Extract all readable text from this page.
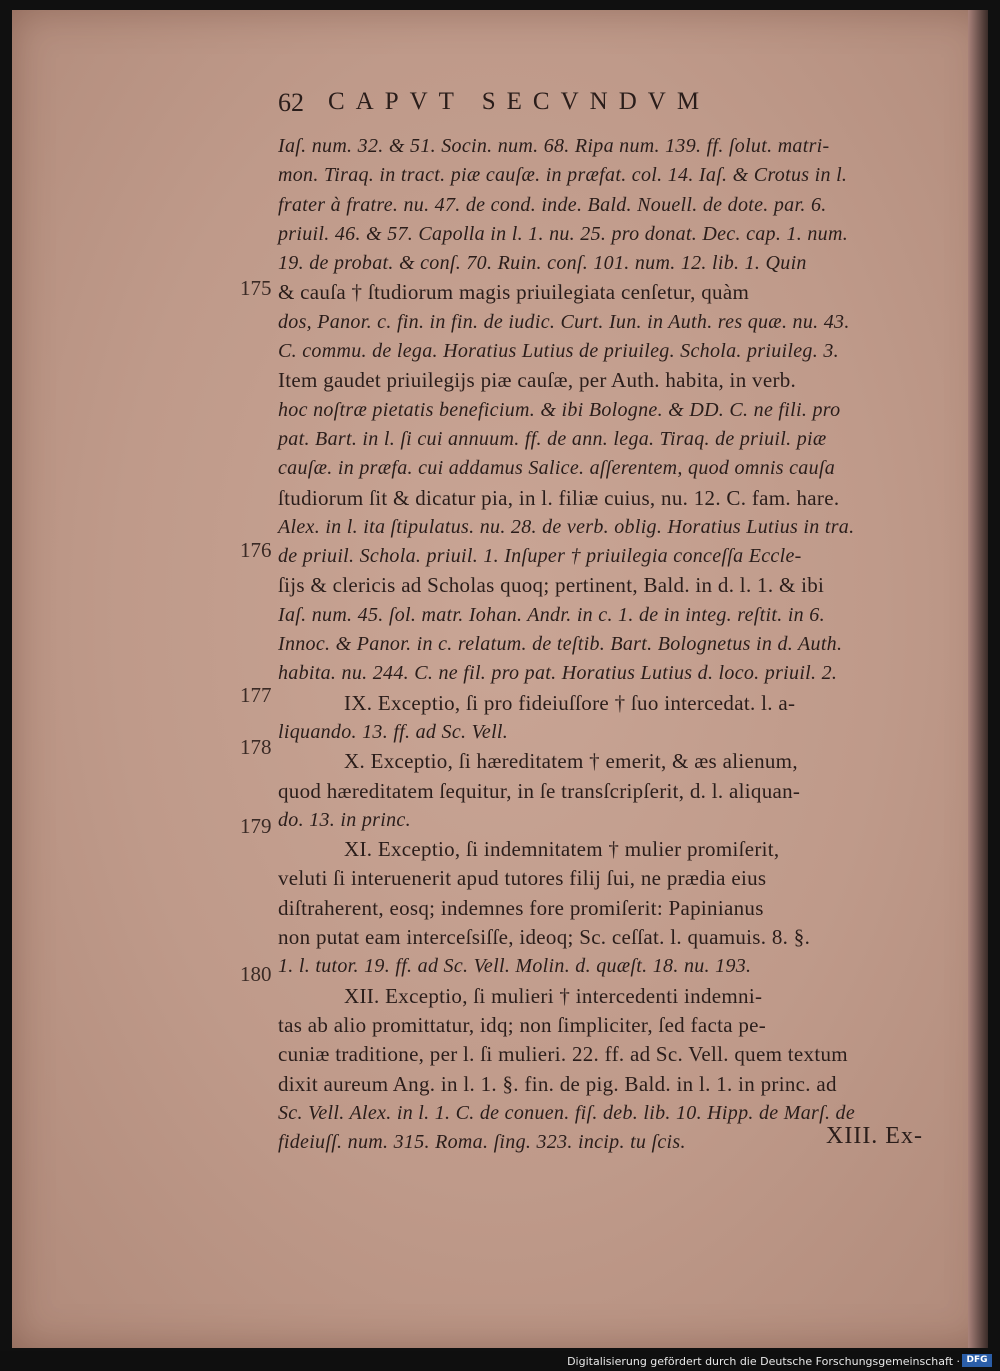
62 CAPVT SECVNDVM
175
176
177
178
179
180
Iaſ. num. 32. & 51. Socin. num. 68. Ripa num. 139. ff. ſolut. matri-
mon. Tiraq. in tract. piæ cauſæ. in præfat. col. 14. Iaſ. & Crotus in l.
frater à fratre. nu. 47. de cond. inde. Bald. Nouell. de dote. par. 6.
priuil. 46. & 57. Capolla in l. 1. nu. 25. pro donat. Dec. cap. 1. num.
19. de probat. & conſ. 70. Ruin. conſ. 101. num. 12. lib. 1. Quin
& cauſa † ſtudiorum magis priuilegiata cenſetur, quàm
dos, Panor. c. fin. in fin. de iudic. Curt. Iun. in Auth. res quæ. nu. 43.
C. commu. de lega. Horatius Lutius de priuileg. Schola. priuileg. 3.
Item gaudet priuilegijs piæ cauſæ, per Auth. habita, in verb.
hoc noſtræ pietatis beneficium. & ibi Bologne. & DD. C. ne fili. pro
pat. Bart. in l. ſi cui annuum. ff. de ann. lega. Tiraq. de priuil. piæ
cauſæ. in præfa. cui addamus Salice. aſſerentem, quod omnis cauſa
ſtudiorum ſit & dicatur pia, in l. filiæ cuius, nu. 12. C. fam. hare.
Alex. in l. ita ſtipulatus. nu. 28. de verb. oblig. Horatius Lutius in tra.
de priuil. Schola. priuil. 1. Inſuper † priuilegia conceſſa Eccle-
ſijs & clericis ad Scholas quoq; pertinent, Bald. in d. l. 1. & ibi
Iaſ. num. 45. ſol. matr. Iohan. Andr. in c. 1. de in integ. reſtit. in 6.
Innoc. & Panor. in c. relatum. de teſtib. Bart. Bolognetus in d. Auth.
habita. nu. 244. C. ne fil. pro pat. Horatius Lutius d. loco. priuil. 2.
IX. Exceptio, ſi pro fideiuſſore † ſuo intercedat. l. a-
liquando. 13. ff. ad Sc. Vell.
X. Exceptio, ſi hæreditatem † emerit, & æs alienum,
quod hæreditatem ſequitur, in ſe transſcripſerit, d. l. aliquan-
do. 13. in princ.
XI. Exceptio, ſi indemnitatem † mulier promiſerit,
veluti ſi interuenerit apud tutores filij ſui, ne prædia eius
diſtraherent, eosq; indemnes fore promiſerit: Papinianus
non putat eam interceſsiſſe, ideoq; Sc. ceſſat. l. quamuis. 8. §.
1. l. tutor. 19. ff. ad Sc. Vell. Molin. d. quæſt. 18. nu. 193.
XII. Exceptio, ſi mulieri † intercedenti indemni-
tas ab alio promittatur, idq; non ſimpliciter, ſed facta pe-
cuniæ traditione, per l. ſi mulieri. 22. ff. ad Sc. Vell. quem textum
dixit aureum Ang. in l. 1. §. fin. de pig. Bald. in l. 1. in princ. ad
Sc. Vell. Alex. in l. 1. C. de conuen. fiſ. deb. lib. 10. Hipp. de Marſ. de
fideiuſſ. num. 315. Roma. ſing. 323. incip. tu ſcis.	XIII. Ex-
Digitalisierung gefördert durch die Deutsche Forschungsgemeinschaft · DFG
